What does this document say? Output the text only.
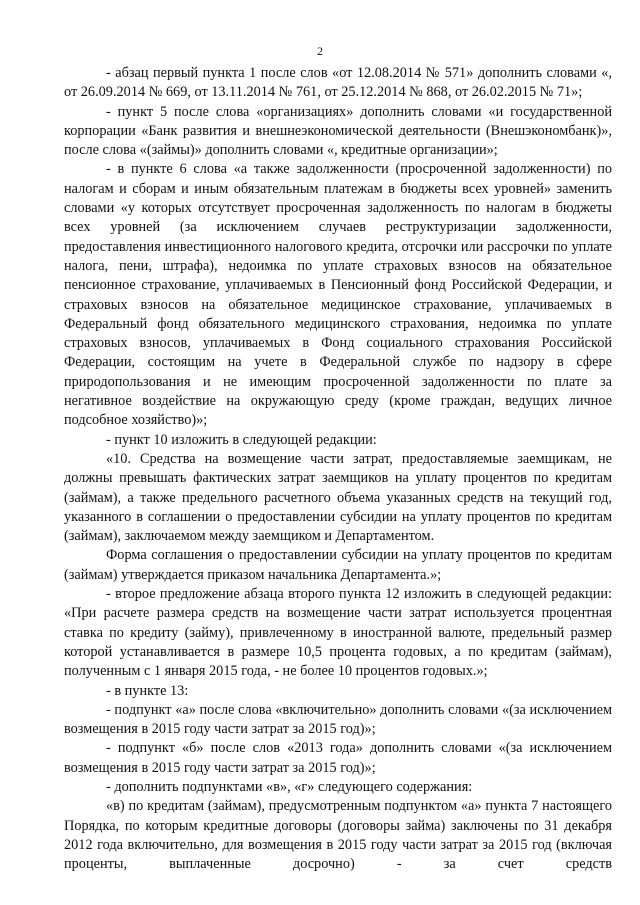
2

- абзац первый пункта 1 после слов «от 12.08.2014 № 571» дополнить словами «, от 26.09.2014 № 669, от 13.11.2014 № 761, от 25.12.2014 № 868, от 26.02.2015 № 71»;

- пункт 5 после слова «организациях» дополнить словами «и государственной корпорации «Банк развития и внешнеэкономической деятельности (Внешэкономбанк)», после слова «(займы)» дополнить словами «, кредитные организации»;

- в пункте 6 слова «а также задолженности (просроченной задолженности) по налогам и сборам и иным обязательным платежам в бюджеты всех уровней» заменить словами «у которых отсутствует просроченная задолженность по налогам в бюджеты всех уровней (за исключением случаев реструктуризации задолженности, предоставления инвестиционного налогового кредита, отсрочки или рассрочки по уплате налога, пени, штрафа), недоимка по уплате страховых взносов на обязательное пенсионное страхование, уплачиваемых в Пенсионный фонд Российской Федерации, и страховых взносов на обязательное медицинское страхование, уплачиваемых в Федеральный фонд обязательного медицинского страхования, недоимка по уплате страховых взносов, уплачиваемых в Фонд социального страхования Российской Федерации, состоящим на учете в Федеральной службе по надзору в сфере природопользования и не имеющим просроченной задолженности по плате за негативное воздействие на окружающую среду (кроме граждан, ведущих личное подсобное хозяйство)»;

- пункт 10 изложить в следующей редакции:

«10. Средства на возмещение части затрат, предоставляемые заемщикам, не должны превышать фактических затрат заемщиков на уплату процентов по кредитам (займам), а также предельного расчетного объема указанных средств на текущий год, указанного в соглашении о предоставлении субсидии на уплату процентов по кредитам (займам), заключаемом между заемщиком и Департаментом.

Форма соглашения о предоставлении субсидии на уплату процентов по кредитам (займам) утверждается приказом начальника Департамента.»;

- второе предложение абзаца второго пункта 12 изложить в следующей редакции: «При расчете размера средств на возмещение части затрат используется процентная ставка по кредиту (займу), привлеченному в иностранной валюте, предельный размер которой устанавливается в размере 10,5 процента годовых, а по кредитам (займам), полученным с 1 января 2015 года, - не более 10 процентов годовых.»;

- в пункте 13:

- подпункт «а» после слова «включительно» дополнить словами «(за исключением возмещения в 2015 году части затрат за 2015 год)»;

- подпункт «б» после слов «2013 года» дополнить словами «(за исключением возмещения в 2015 году части затрат за 2015 год)»;

- дополнить подпунктами «в», «г» следующего содержания:

«в) по кредитам (займам), предусмотренным подпунктом «а» пункта 7 настоящего Порядка, по которым кредитные договоры (договоры займа) заключены по 31 декабря 2012 года включительно, для возмещения в 2015 году части затрат за 2015 год (включая проценты, выплаченные досрочно) - за счет средств
